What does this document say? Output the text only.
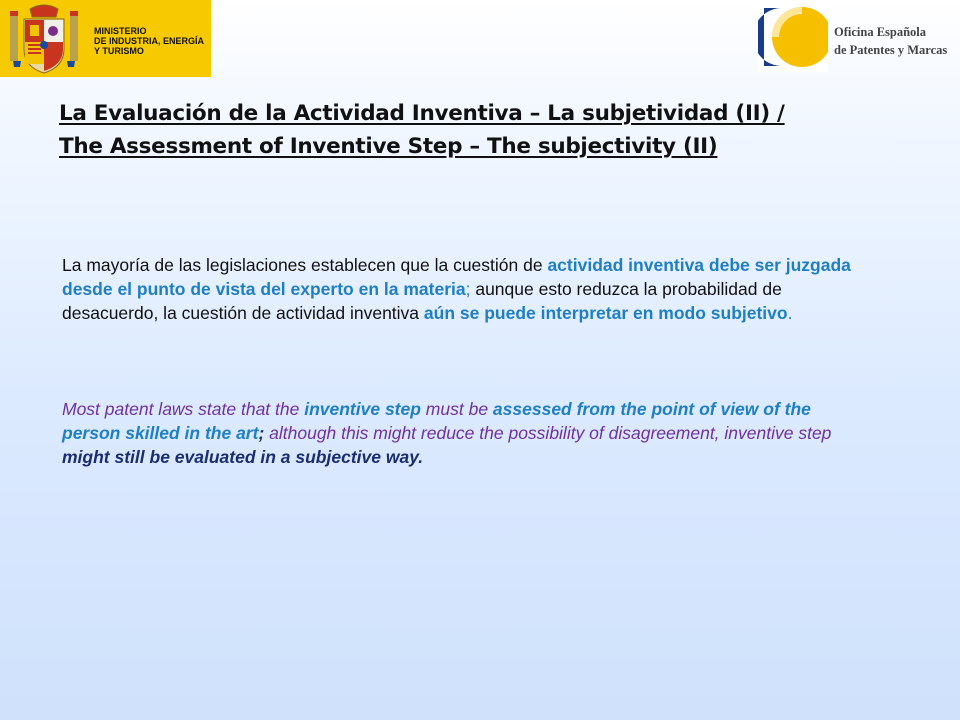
MINISTERIO
DE INDUSTRIA, ENERGÍA
Y TURISMO
Oficina Española
de Patentes y Marcas
La Evaluación de la Actividad Inventiva – La subjetividad (II) /
The Assessment of Inventive Step – The subjectivity (II)
La mayoría de las legislaciones establecen que la cuestión de actividad inventiva debe ser juzgada desde el punto de vista del experto en la materia; aunque esto reduzca la probabilidad de desacuerdo, la cuestión de actividad inventiva aún se puede interpretar en modo subjetivo.
Most patent laws state that the inventive step must be assessed from the point of view of the person skilled in the art; although this might reduce the possibility of disagreement, inventive step might still be evaluated in a subjective way.
